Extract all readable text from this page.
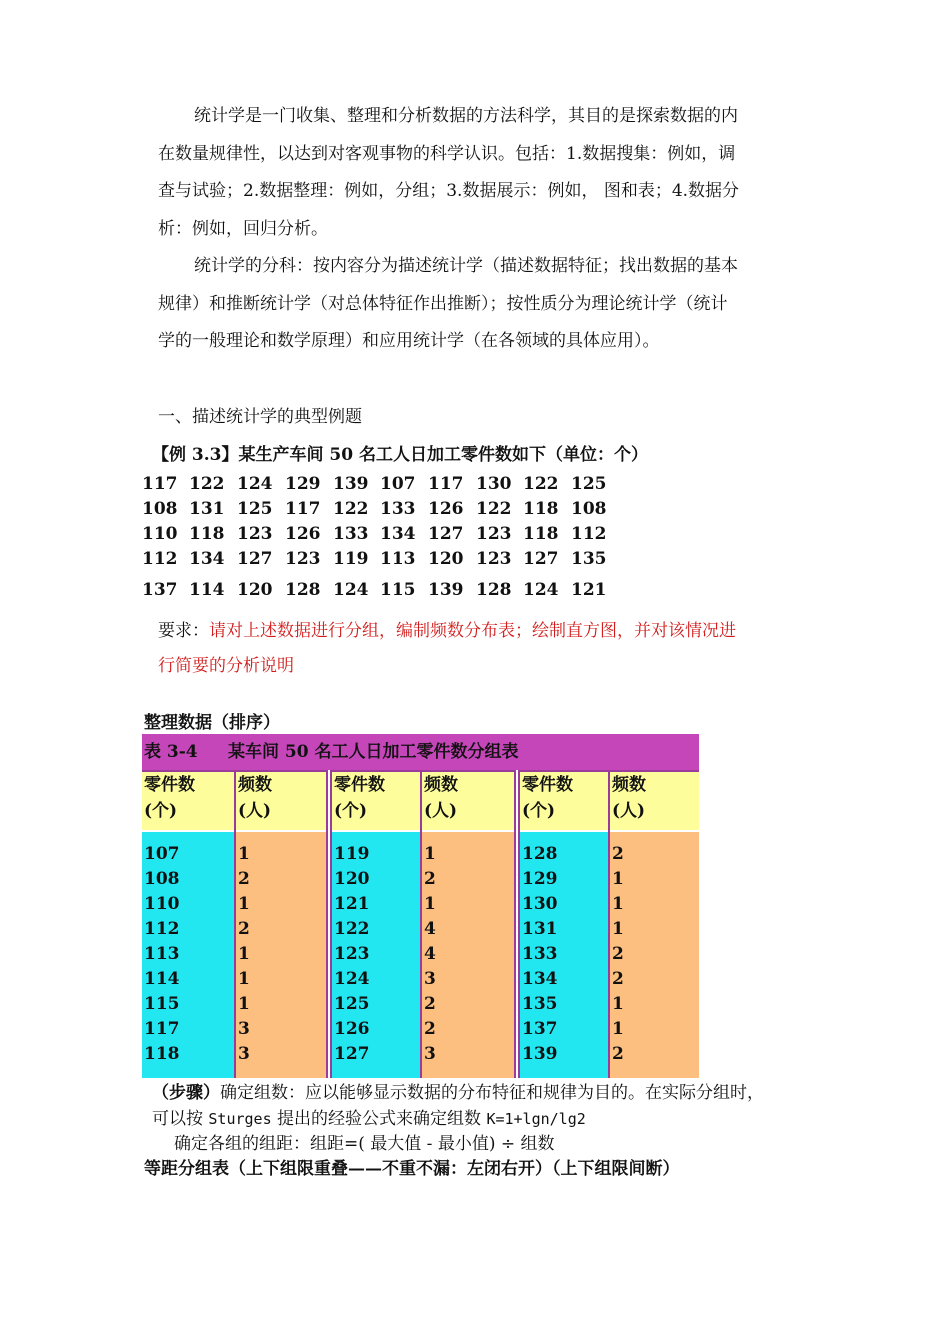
统计学是一门收集、整理和分析数据的方法科学，其目的是探索数据的内
在数量规律性，以达到对客观事物的科学认识。包括：1.数据搜集：例如，调
查与试验；2.数据整理：例如，分组；3.数据展示：例如， 图和表；4.数据分
析：例如，回归分析。
统计学的分科：按内容分为描述统计学（描述数据特征；找出数据的基本
规律）和推断统计学（对总体特征作出推断）；按性质分为理论统计学（统计
学的一般理论和数学原理）和应用统计学（在各领域的具体应用）。
一、描述统计学的典型例题
【例 3.3】某生产车间 50 名工人日加工零件数如下（单位：个）
117 122 124 129 139 107 117 130 122 125
108 131 125 117 122 133 126 122 118 108
110 118 123 126 133 134 127 123 118 112
112 134 127 123 119 113 120 123 127 135
137 114 120 128 124 115 139 128 124 121
要求：请对上述数据进行分组，编制频数分布表；绘制直方图，并对该情况进
行简要的分析说明
整理数据（排序）
表 3-4 某车间 50 名工人日加工零件数分组表
零件数
(个)
107
108
110
112
113
114
115
117
118
频数
(人)
1
2
1
2
1
1
1
3
3
零件数
(个)
119
120
121
122
123
124
125
126
127
频数
(人)
1
2
1
4
4
3
2
2
3
零件数
(个)
128
129
130
131
133
134
135
137
139
频数
(人)
2
1
1
1
2
2
1
1
2
（步骤）确定组数：应以能够显示数据的分布特征和规律为目的。在实际分组时，
可以按 Sturges 提出的经验公式来确定组数 K=1+lgn/lg2
确定各组的组距：组距=( 最大值 - 最小值) ÷ 组数
等距分组表（上下组限重叠——不重不漏：左闭右开）（上下组限间断）
